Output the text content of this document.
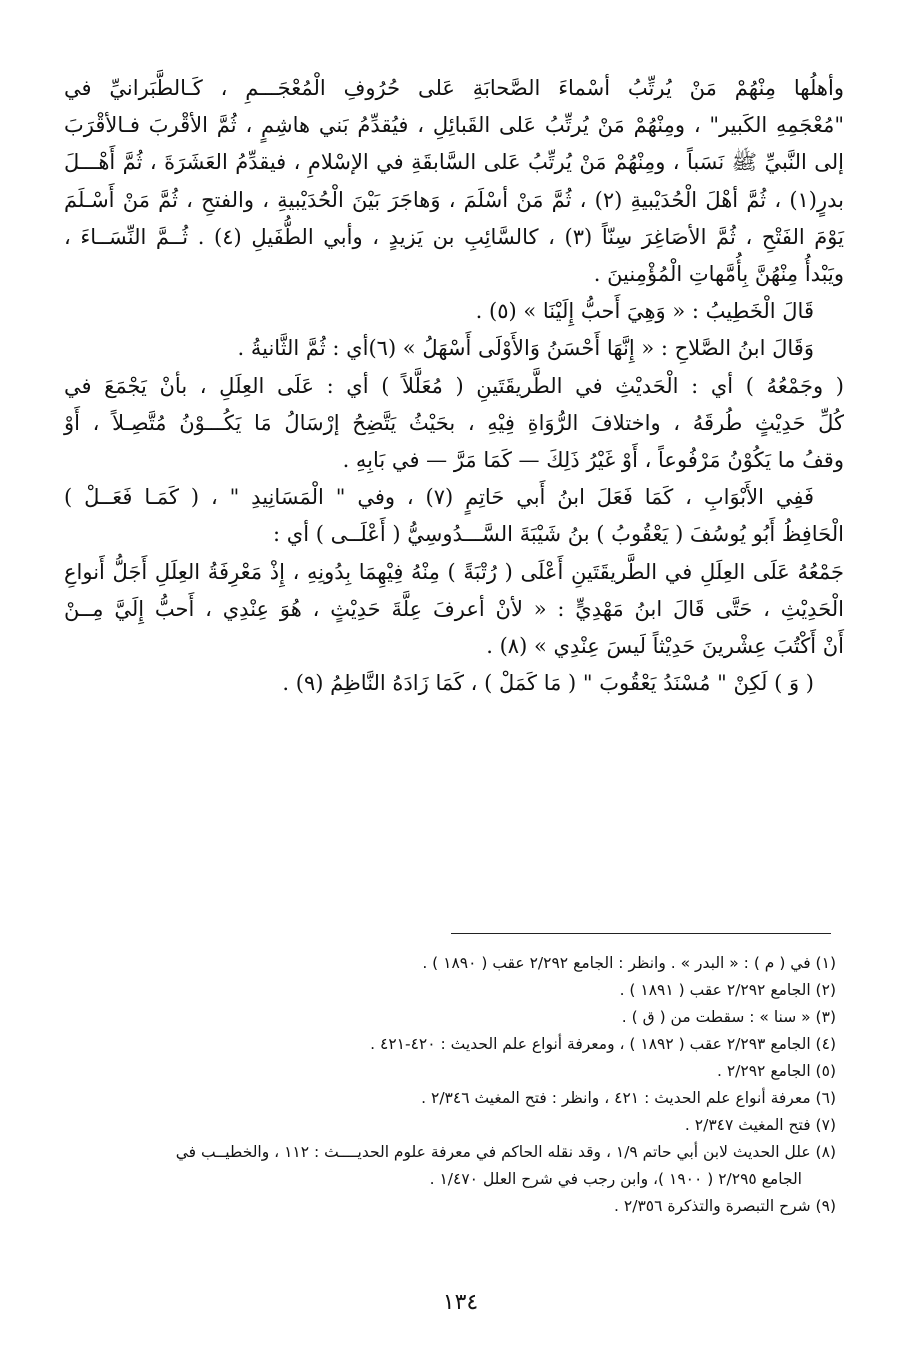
وأهلُها مِنْهُمْ مَنْ يُرتِّبُ أسْماءَ الصَّحابَةِ عَلى حُرُوفِ الْمُعْجَـــمِ ، كَـالطَّبَرانيِّ في
"مُعْجَمِهِ الكَبير" ، ومِنْهُمْ مَنْ يُرتِّبُ عَلى القَبائِلِ ، فيُقدِّمُ بَني هاشِمٍ ، ثُمَّ الأقْربَ فـالأقْرَبَ
إلى النَّبيِّ ﷺ نَسَباً ، ومِنْهُمْ مَنْ يُرتِّبُ عَلى السَّابقَةِ في الإسْلامِ ، فيقدِّمُ العَشَرَةَ ، ثُمَّ أَهْـــلَ
بدرٍ(١) ، ثُمَّ أهْلَ الْحُدَيْبيةِ (٢) ، ثُمَّ مَنْ أسْلَمَ ، وَهاجَرَ بَيْنَ الْحُدَيْبيةِ ، والفتحِ ، ثُمَّ مَنْ أَسْـلَمَ
يَوْمَ الفَتْحِ ، ثُمَّ الأصَاغِرَ سِنّاً (٣) ، كالسَّائِبِ بن يَزيدٍ ، وأبي الطُّفَيلِ (٤) . ثُــمَّ النِّسَــاءَ ،
ويَبْدأُ مِنْهُنَّ بِأُمَّهاتِ الْمُؤْمِنينَ .
قَالَ الْخَطِيبُ : « وَهِيَ أَحبُّ إِلَيْنَا » (٥) .
وَقَالَ ابنُ الصَّلاحِ : « إِنَّهَا أَحْسَنُ وَالأَوْلَى أَسْهَلُ » (٦)أي : ثُمَّ الثَّانيةُ .
( وجَمْعُهُ ) أي : الْحَديْثِ في الطَّريقَتَينِ ( مُعَلَّلاً ) أي : عَلَى العِلَلِ ، بأنْ يَجْمَعَ في
كُلِّ حَدِيْثٍ طُرقَهُ ، واختلافَ الرُّوَاةِ فِيْهِ ، بحَيْثُ يَتَّضِحُ إرْسَالُ مَا يَكُـــوْنُ مُتَّصِـلاً ، أَوْ
وقفُ ما يَكُوْنُ مَرْفُوعاً ، أَوْ غَيْرُ ذَلِكَ — كَمَا مَرَّ — في بَابِهِ .
فَفِي الأَبْوَابِ ، كَمَا فَعَلَ ابنُ أَبي حَاتِمٍ (٧) ، وفي " الْمَسَانِيدِ " ، ( كَمَـا فَعَــلْ )
الْحَافِظُ أَبُو يُوسُفَ ( يَعْقُوبُ ) بنُ شَيْبَةَ السَّـــدُوسِيُّ ( أَعْلَــى ) أي :
جَمْعُهُ عَلَى العِلَلِ في الطَّريقَتَينِ أَعْلَى ( رُتْبَةً ) مِنْهُ فِيْهِمَا بِدُونِهِ ، إِذْ مَعْرِفَةُ العِلَلِ أَجَلُّ أَنواعِ
الْحَدِيْثِ ، حَتَّى قَالَ ابنُ مَهْدِيٍّ : « لأنْ أعرفَ عِلَّةَ حَدِيْثٍ ، هُوَ عِنْدِي ، أَحبُّ إِلَيَّ مِــنْ
أَنْ أَكْتُبَ عِشْرينَ حَدِيْثاً لَيسَ عِنْدِي » (٨) .
( وَ ) لَكِنْ " مُسْنَدُ يَعْقُوبَ " ( مَا كَمَلْ ) ، كَمَا زَادَهُ النَّاظِمُ (٩) .
(١) في ( م ) : « البدر » . وانظر : الجامع ٢/٢٩٢ عقب ( ١٨٩٠ ) .
(٢) الجامع ٢/٢٩٢ عقب ( ١٨٩١ ) .
(٣) « سنا » : سقطت من ( ق ) .
(٤) الجامع ٢/٢٩٣ عقب ( ١٨٩٢ ) ، ومعرفة أنواع علم الحديث : ٤٢٠-٤٢١ .
(٥) الجامع ٢/٢٩٢ .
(٦) معرفة أنواع علم الحديث : ٤٢١ ، وانظر : فتح المغيث ٢/٣٤٦ .
(٧) فتح المغيث ٢/٣٤٧ .
(٨) علل الحديث لابن أبي حاتم ١/٩ ، وقد نقله الحاكم في معرفة علوم الحديــــث : ١١٢ ، والخطيــب في
الجامع ٢/٢٩٥ ( ١٩٠٠ )، وابن رجب في شرح العلل ١/٤٧٠ .
(٩) شرح التبصرة والتذكرة ٢/٣٥٦ .
١٣٤
